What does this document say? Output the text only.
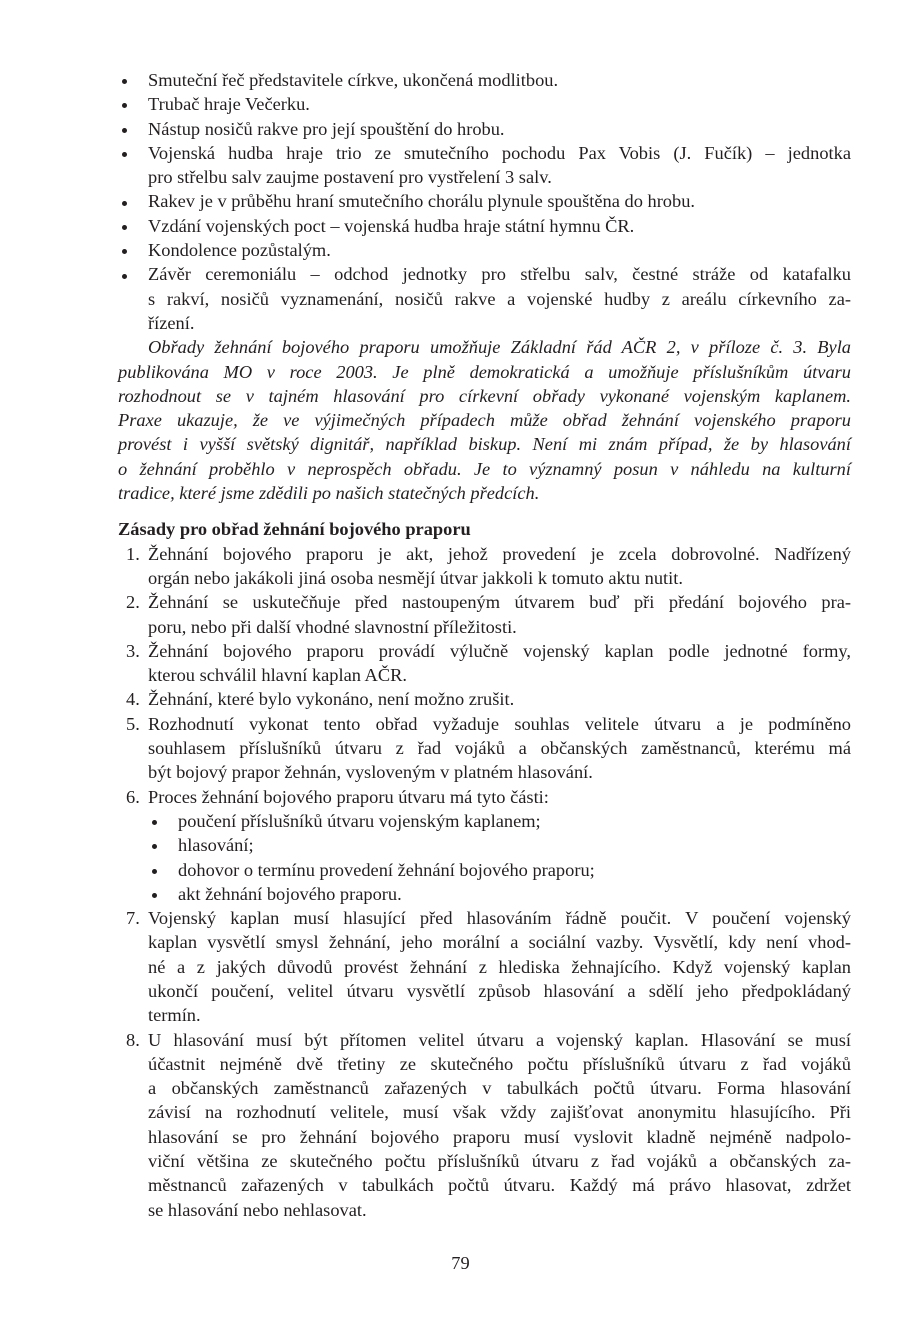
Smuteční řeč představitele církve, ukončená modlitbou.
Trubač hraje Večerku.
Nástup nosičů rakve pro její spouštění do hrobu.
Vojenská hudba hraje trio ze smutečního pochodu Pax Vobis (J. Fučík) – jednotka
pro střelbu salv zaujme postavení pro vystřelení 3 salv.
Rakev je v průběhu hraní smutečního chorálu plynule spouštěna do hrobu.
Vzdání vojenských poct – vojenská hudba hraje státní hymnu ČR.
Kondolence pozůstalým.
Závěr ceremoniálu – odchod jednotky pro střelbu salv, čestné stráže od katafalku
s rakví, nosičů vyznamenání, nosičů rakve a vojenské hudby z areálu církevního za-
řízení.
Obřady žehnání bojového praporu umožňuje Základní řád AČR 2, v příloze č. 3. Byla
publikována MO v roce 2003. Je plně demokratická a umožňuje příslušníkům útvaru
rozhodnout se v tajném hlasování pro církevní obřady vykonané vojenským kaplanem.
Praxe ukazuje, že ve výjimečných případech může obřad žehnání vojenského praporu
provést i vyšší světský dignitář, například biskup. Není mi znám případ, že by hlasování
o žehnání proběhlo v neprospěch obřadu. Je to významný posun v náhledu na kulturní
tradice, které jsme zdědili po našich statečných předcích.
Zásady pro obřad žehnání bojového praporu
1. Žehnání bojového praporu je akt, jehož provedení je zcela dobrovolné. Nadřízený
orgán nebo jakákoli jiná osoba nesmějí útvar jakkoli k tomuto aktu nutit.
2. Žehnání se uskutečňuje před nastoupeným útvarem buď při předání bojového pra-
poru, nebo při další vhodné slavnostní příležitosti.
3. Žehnání bojového praporu provádí výlučně vojenský kaplan podle jednotné formy,
kterou schválil hlavní kaplan AČR.
4. Žehnání, které bylo vykonáno, není možno zrušit.
5. Rozhodnutí vykonat tento obřad vyžaduje souhlas velitele útvaru a je podmíněno
souhlasem příslušníků útvaru z řad vojáků a občanských zaměstnanců, kterému má
být bojový prapor žehnán, vysloveným v platném hlasování.
6. Proces žehnání bojového praporu útvaru má tyto části:
poučení příslušníků útvaru vojenským kaplanem;
hlasování;
dohovor o termínu provedení žehnání bojového praporu;
akt žehnání bojového praporu.
7. Vojenský kaplan musí hlasující před hlasováním řádně poučit. V poučení vojenský
kaplan vysvětlí smysl žehnání, jeho morální a sociální vazby. Vysvětlí, kdy není vhod-
né a z jakých důvodů provést žehnání z hlediska žehnajícího. Když vojenský kaplan
ukončí poučení, velitel útvaru vysvětlí způsob hlasování a sdělí jeho předpokládaný
termín.
8. U hlasování musí být přítomen velitel útvaru a vojenský kaplan. Hlasování se musí
účastnit nejméně dvě třetiny ze skutečného počtu příslušníků útvaru z řad vojáků
a občanských zaměstnanců zařazených v tabulkách počtů útvaru. Forma hlasování
závisí na rozhodnutí velitele, musí však vždy zajišťovat anonymitu hlasujícího. Při
hlasování se pro žehnání bojového praporu musí vyslovit kladně nejméně nadpolo-
viční většina ze skutečného počtu příslušníků útvaru z řad vojáků a občanských za-
městnanců zařazených v tabulkách počtů útvaru. Každý má právo hlasovat, zdržet
se hlasování nebo nehlasovat.
79
